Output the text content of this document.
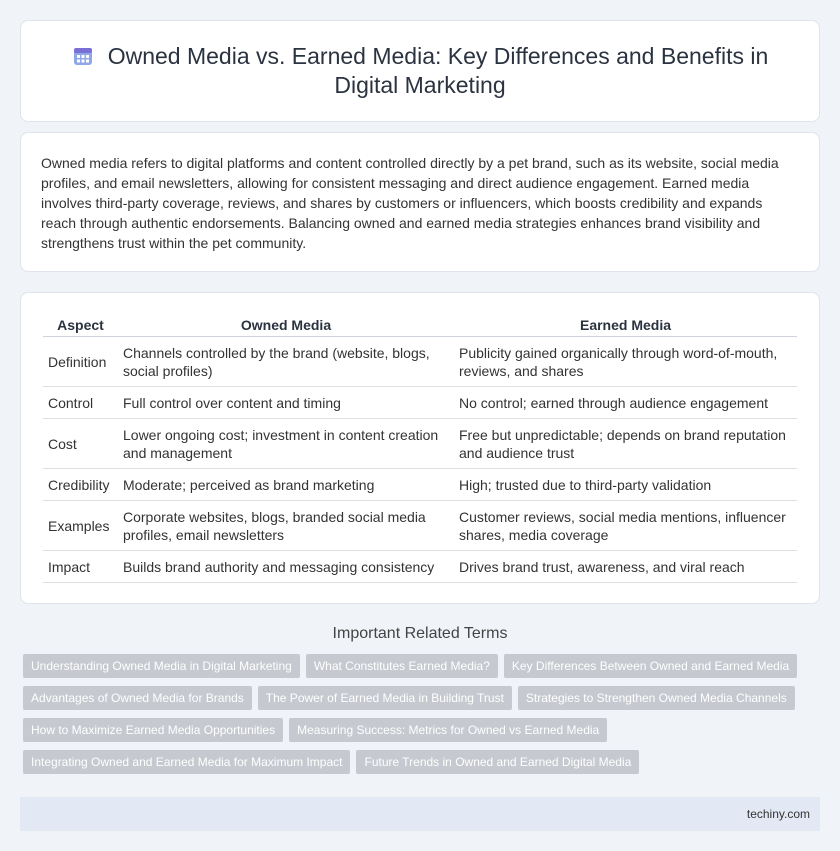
Owned Media vs. Earned Media: Key Differences and Benefits in Digital Marketing

Owned media refers to digital platforms and content controlled directly by a pet brand, such as its website, social media profiles, and email newsletters, allowing for consistent messaging and direct audience engagement. Earned media involves third-party coverage, reviews, and shares by customers or influencers, which boosts credibility and expands reach through authentic endorsements. Balancing owned and earned media strategies enhances brand visibility and strengthens trust within the pet community.

Aspect	Owned Media	Earned Media
Definition	Channels controlled by the brand (website, blogs, social profiles)	Publicity gained organically through word-of-mouth, reviews, and shares
Control	Full control over content and timing	No control; earned through audience engagement
Cost	Lower ongoing cost; investment in content creation and management	Free but unpredictable; depends on brand reputation and audience trust
Credibility	Moderate; perceived as brand marketing	High; trusted due to third-party validation
Examples	Corporate websites, blogs, branded social media profiles, email newsletters	Customer reviews, social media mentions, influencer shares, media coverage
Impact	Builds brand authority and messaging consistency	Drives brand trust, awareness, and viral reach
Important Related Terms
Understanding Owned Media in Digital Marketing	What Constitutes Earned Media?	Key Differences Between Owned and Earned Media
Advantages of Owned Media for Brands	The Power of Earned Media in Building Trust	Strategies to Strengthen Owned Media Channels
How to Maximize Earned Media Opportunities	Measuring Success: Metrics for Owned vs Earned Media
Integrating Owned and Earned Media for Maximum Impact	Future Trends in Owned and Earned Digital Media
techiny.com
